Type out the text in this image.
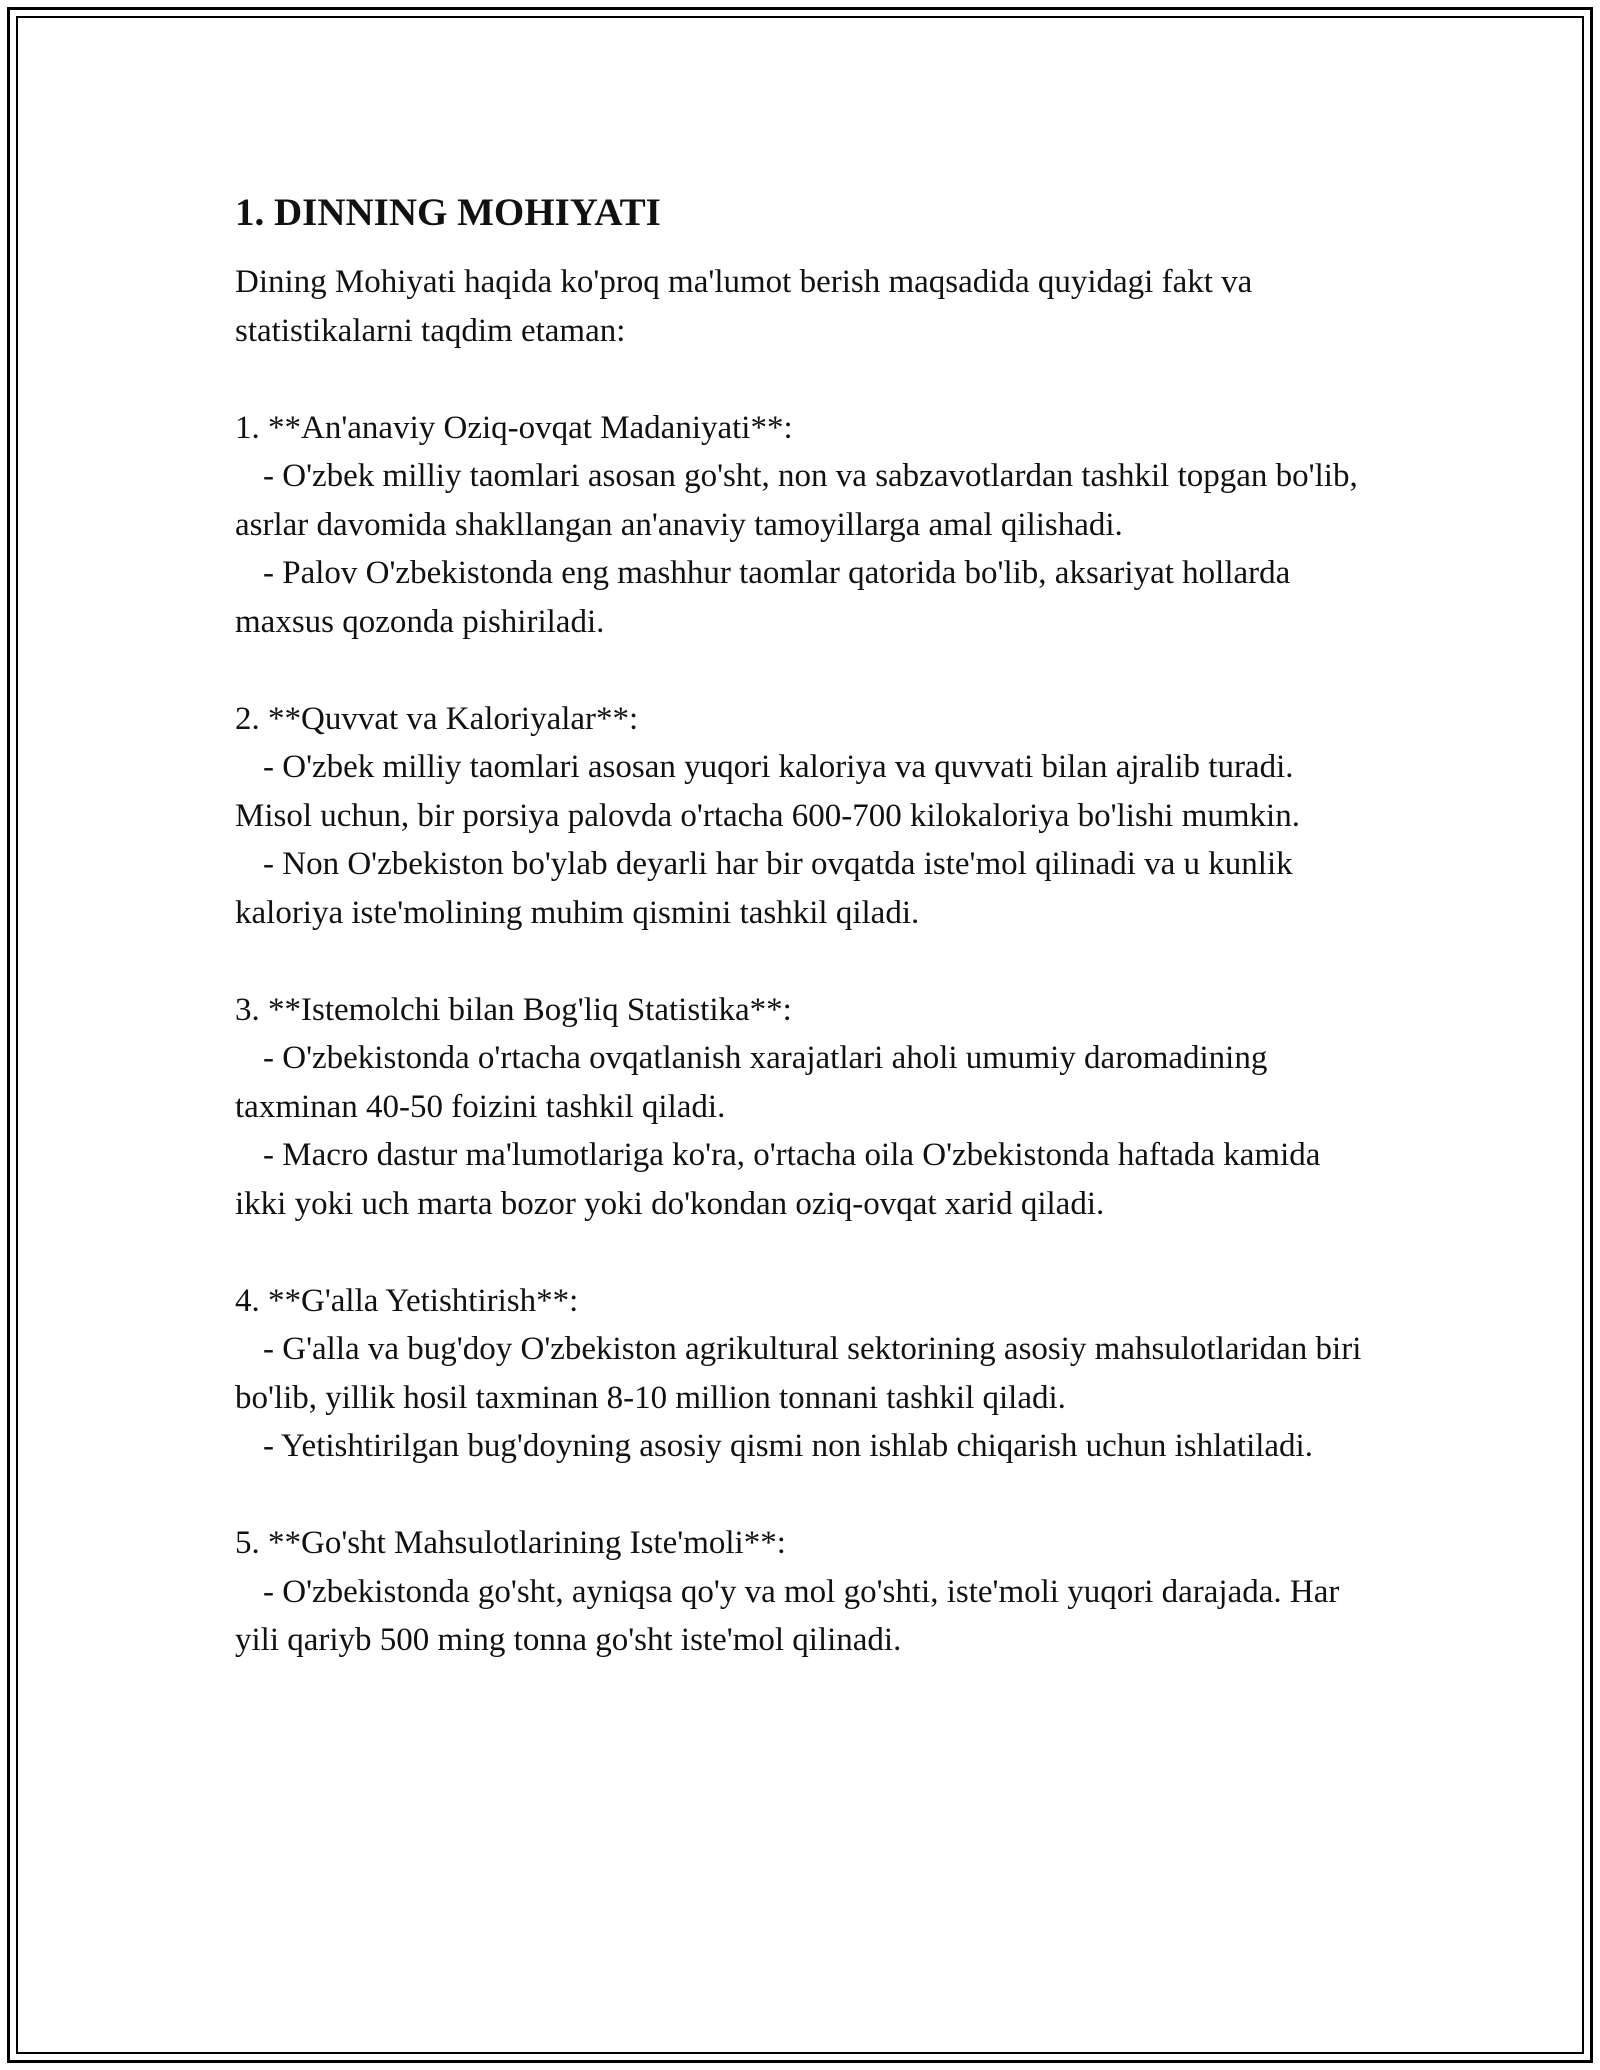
1. DINNING MOHIYATI

Dining Mohiyati haqida ko'proq ma'lumot berish maqsadida quyidagi fakt va statistikalarni taqdim etaman:

1. **An'anaviy Oziq-ovqat Madaniyati**:

- O'zbek milliy taomlari asosan go'sht, non va sabzavotlardan tashkil topgan bo'lib, asrlar davomida shakllangan an'anaviy tamoyillarga amal qilishadi.

- Palov O'zbekistonda eng mashhur taomlar qatorida bo'lib, aksariyat hollarda maxsus qozonda pishiriladi.

2. **Quvvat va Kaloriyalar**:

- O'zbek milliy taomlari asosan yuqori kaloriya va quvvati bilan ajralib turadi. Misol uchun, bir porsiya palovda o'rtacha 600-700 kilokaloriya bo'lishi mumkin.

- Non O'zbekiston bo'ylab deyarli har bir ovqatda iste'mol qilinadi va u kunlik kaloriya iste'molining muhim qismini tashkil qiladi.

3. **Istemolchi bilan Bog'liq Statistika**:

- O'zbekistonda o'rtacha ovqatlanish xarajatlari aholi umumiy daromadining taxminan 40-50 foizini tashkil qiladi.

- Macro dastur ma'lumotlariga ko'ra, o'rtacha oila O'zbekistonda haftada kamida ikki yoki uch marta bozor yoki do'kondan oziq-ovqat xarid qiladi.

4. **G'alla Yetishtirish**:

- G'alla va bug'doy O'zbekiston agrikultural sektorining asosiy mahsulotlaridan biri bo'lib, yillik hosil taxminan 8-10 million tonnani tashkil qiladi.

- Yetishtirilgan bug'doyning asosiy qismi non ishlab chiqarish uchun ishlatiladi.

5. **Go'sht Mahsulotlarining Iste'moli**:

- O'zbekistonda go'sht, ayniqsa qo'y va mol go'shti, iste'moli yuqori darajada. Har yili qariyb 500 ming tonna go'sht iste'mol qilinadi.
